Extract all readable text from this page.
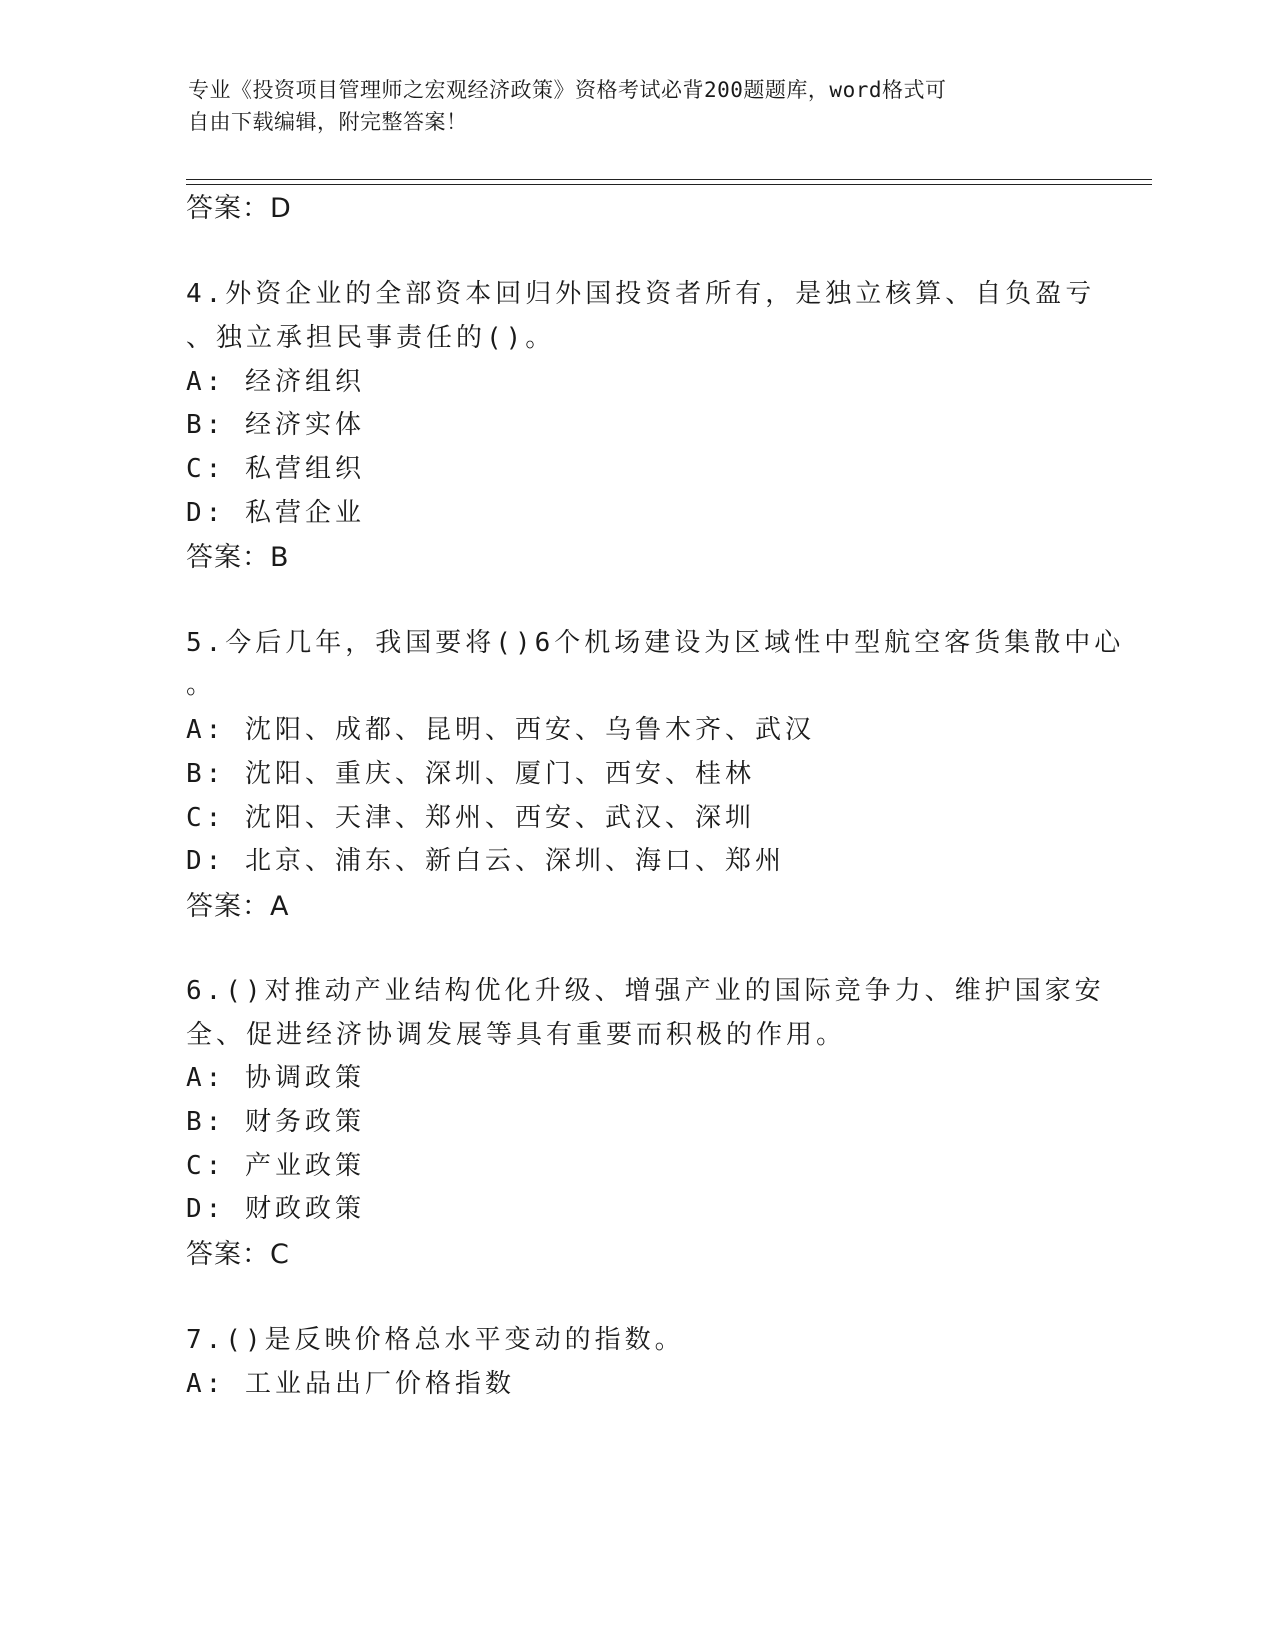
专业《投资项目管理师之宏观经济政策》资格考试必背200题题库，word格式可
自由下载编辑，附完整答案！
答案：D
4.外资企业的全部资本回归外国投资者所有，是独立核算、自负盈亏
、独立承担民事责任的()。
A: 经济组织
B: 经济实体
C: 私营组织
D: 私营企业
答案：B
5.今后几年，我国要将()6个机场建设为区域性中型航空客货集散中心
。
A: 沈阳、成都、昆明、西安、乌鲁木齐、武汉
B: 沈阳、重庆、深圳、厦门、西安、桂林
C: 沈阳、天津、郑州、西安、武汉、深圳
D: 北京、浦东、新白云、深圳、海口、郑州
答案：A
6.()对推动产业结构优化升级、增强产业的国际竞争力、维护国家安
全、促进经济协调发展等具有重要而积极的作用。
A: 协调政策
B: 财务政策
C: 产业政策
D: 财政政策
答案：C
7.()是反映价格总水平变动的指数。
A: 工业品出厂价格指数
